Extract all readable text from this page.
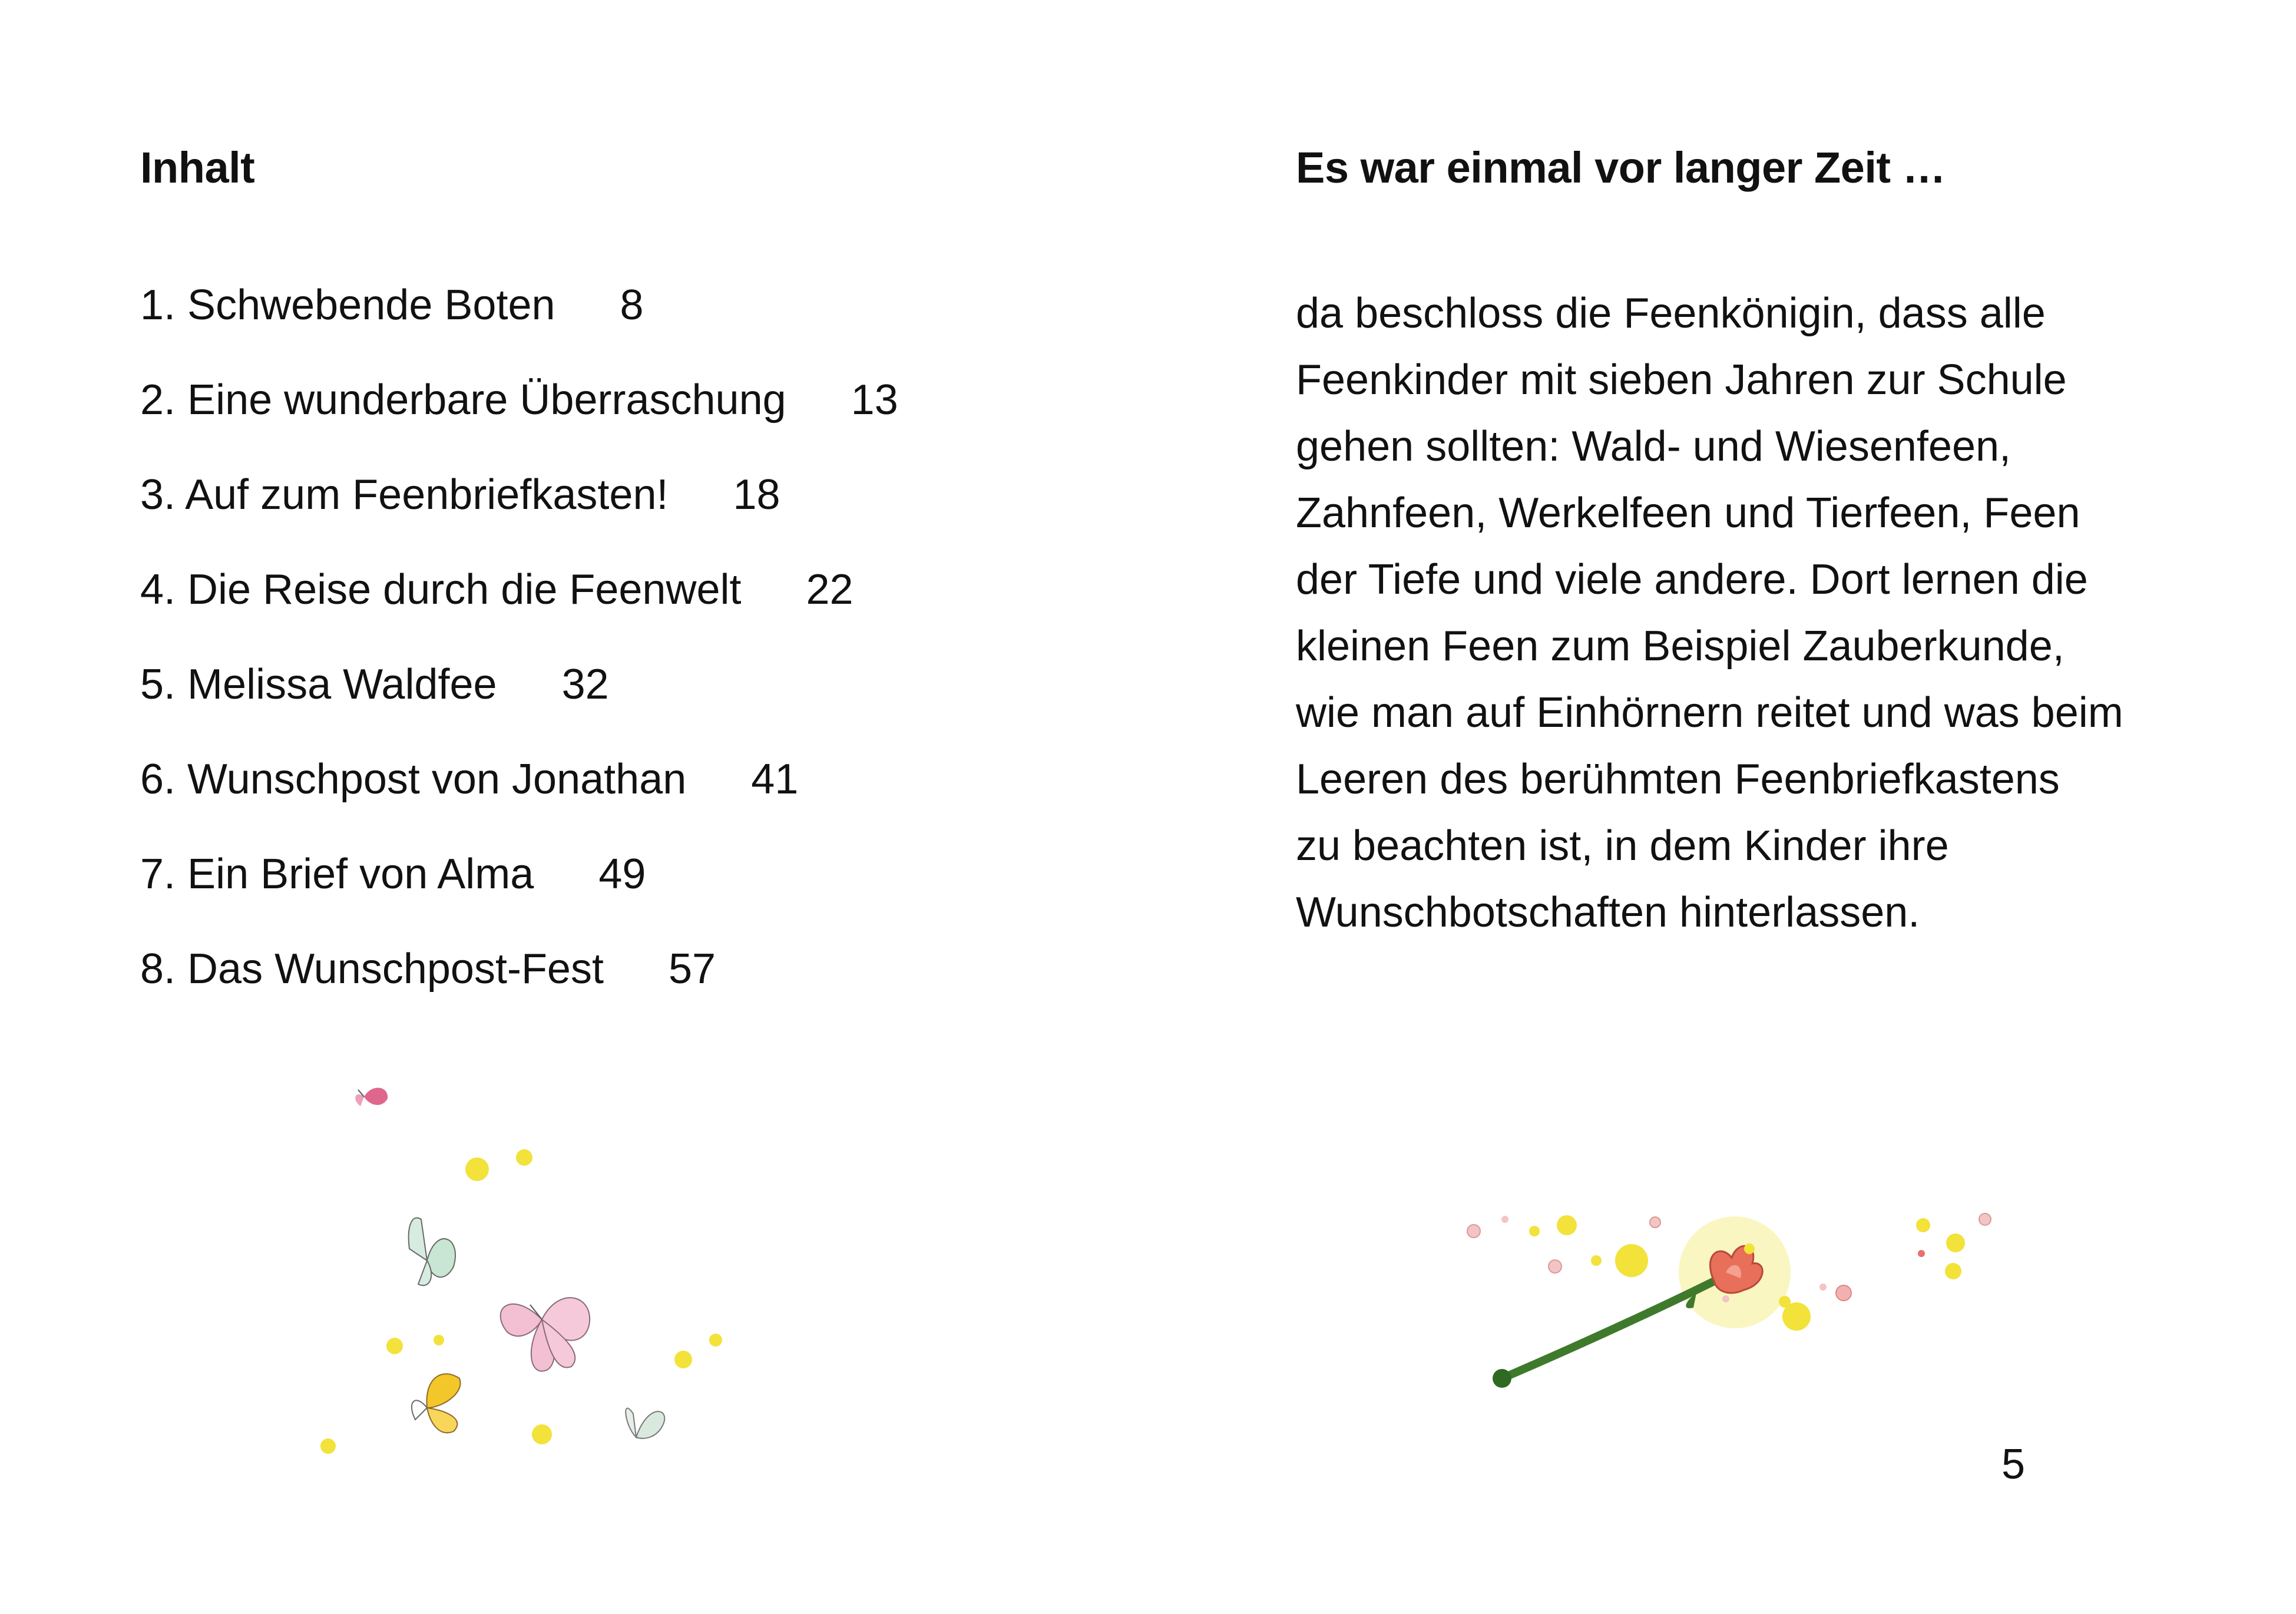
Inhalt
1. Schwebende Boten 8
2. Eine wunderbare Überraschung 13
3. Auf zum Feenbriefkasten! 18
4. Die Reise durch die Feenwelt 22
5. Melissa Waldfee 32
6. Wunschpost von Jonathan 41
7. Ein Brief von Alma 49
8. Das Wunschpost-Fest 57
Es war einmal vor langer Zeit …

da beschloss die Feenkönigin, dass alle
Feenkinder mit sieben Jahren zur Schule
gehen sollten: Wald- und Wiesenfeen,
Zahnfeen, Werkelfeen und Tierfeen, Feen
der Tiefe und viele andere. Dort lernen die
kleinen Feen zum Beispiel Zauberkunde,
wie man auf Einhörnern reitet und was beim
Leeren des berühmten Feenbriefkastens
zu beachten ist, in dem Kinder ihre
Wunschbotschaften hinterlassen.

5
